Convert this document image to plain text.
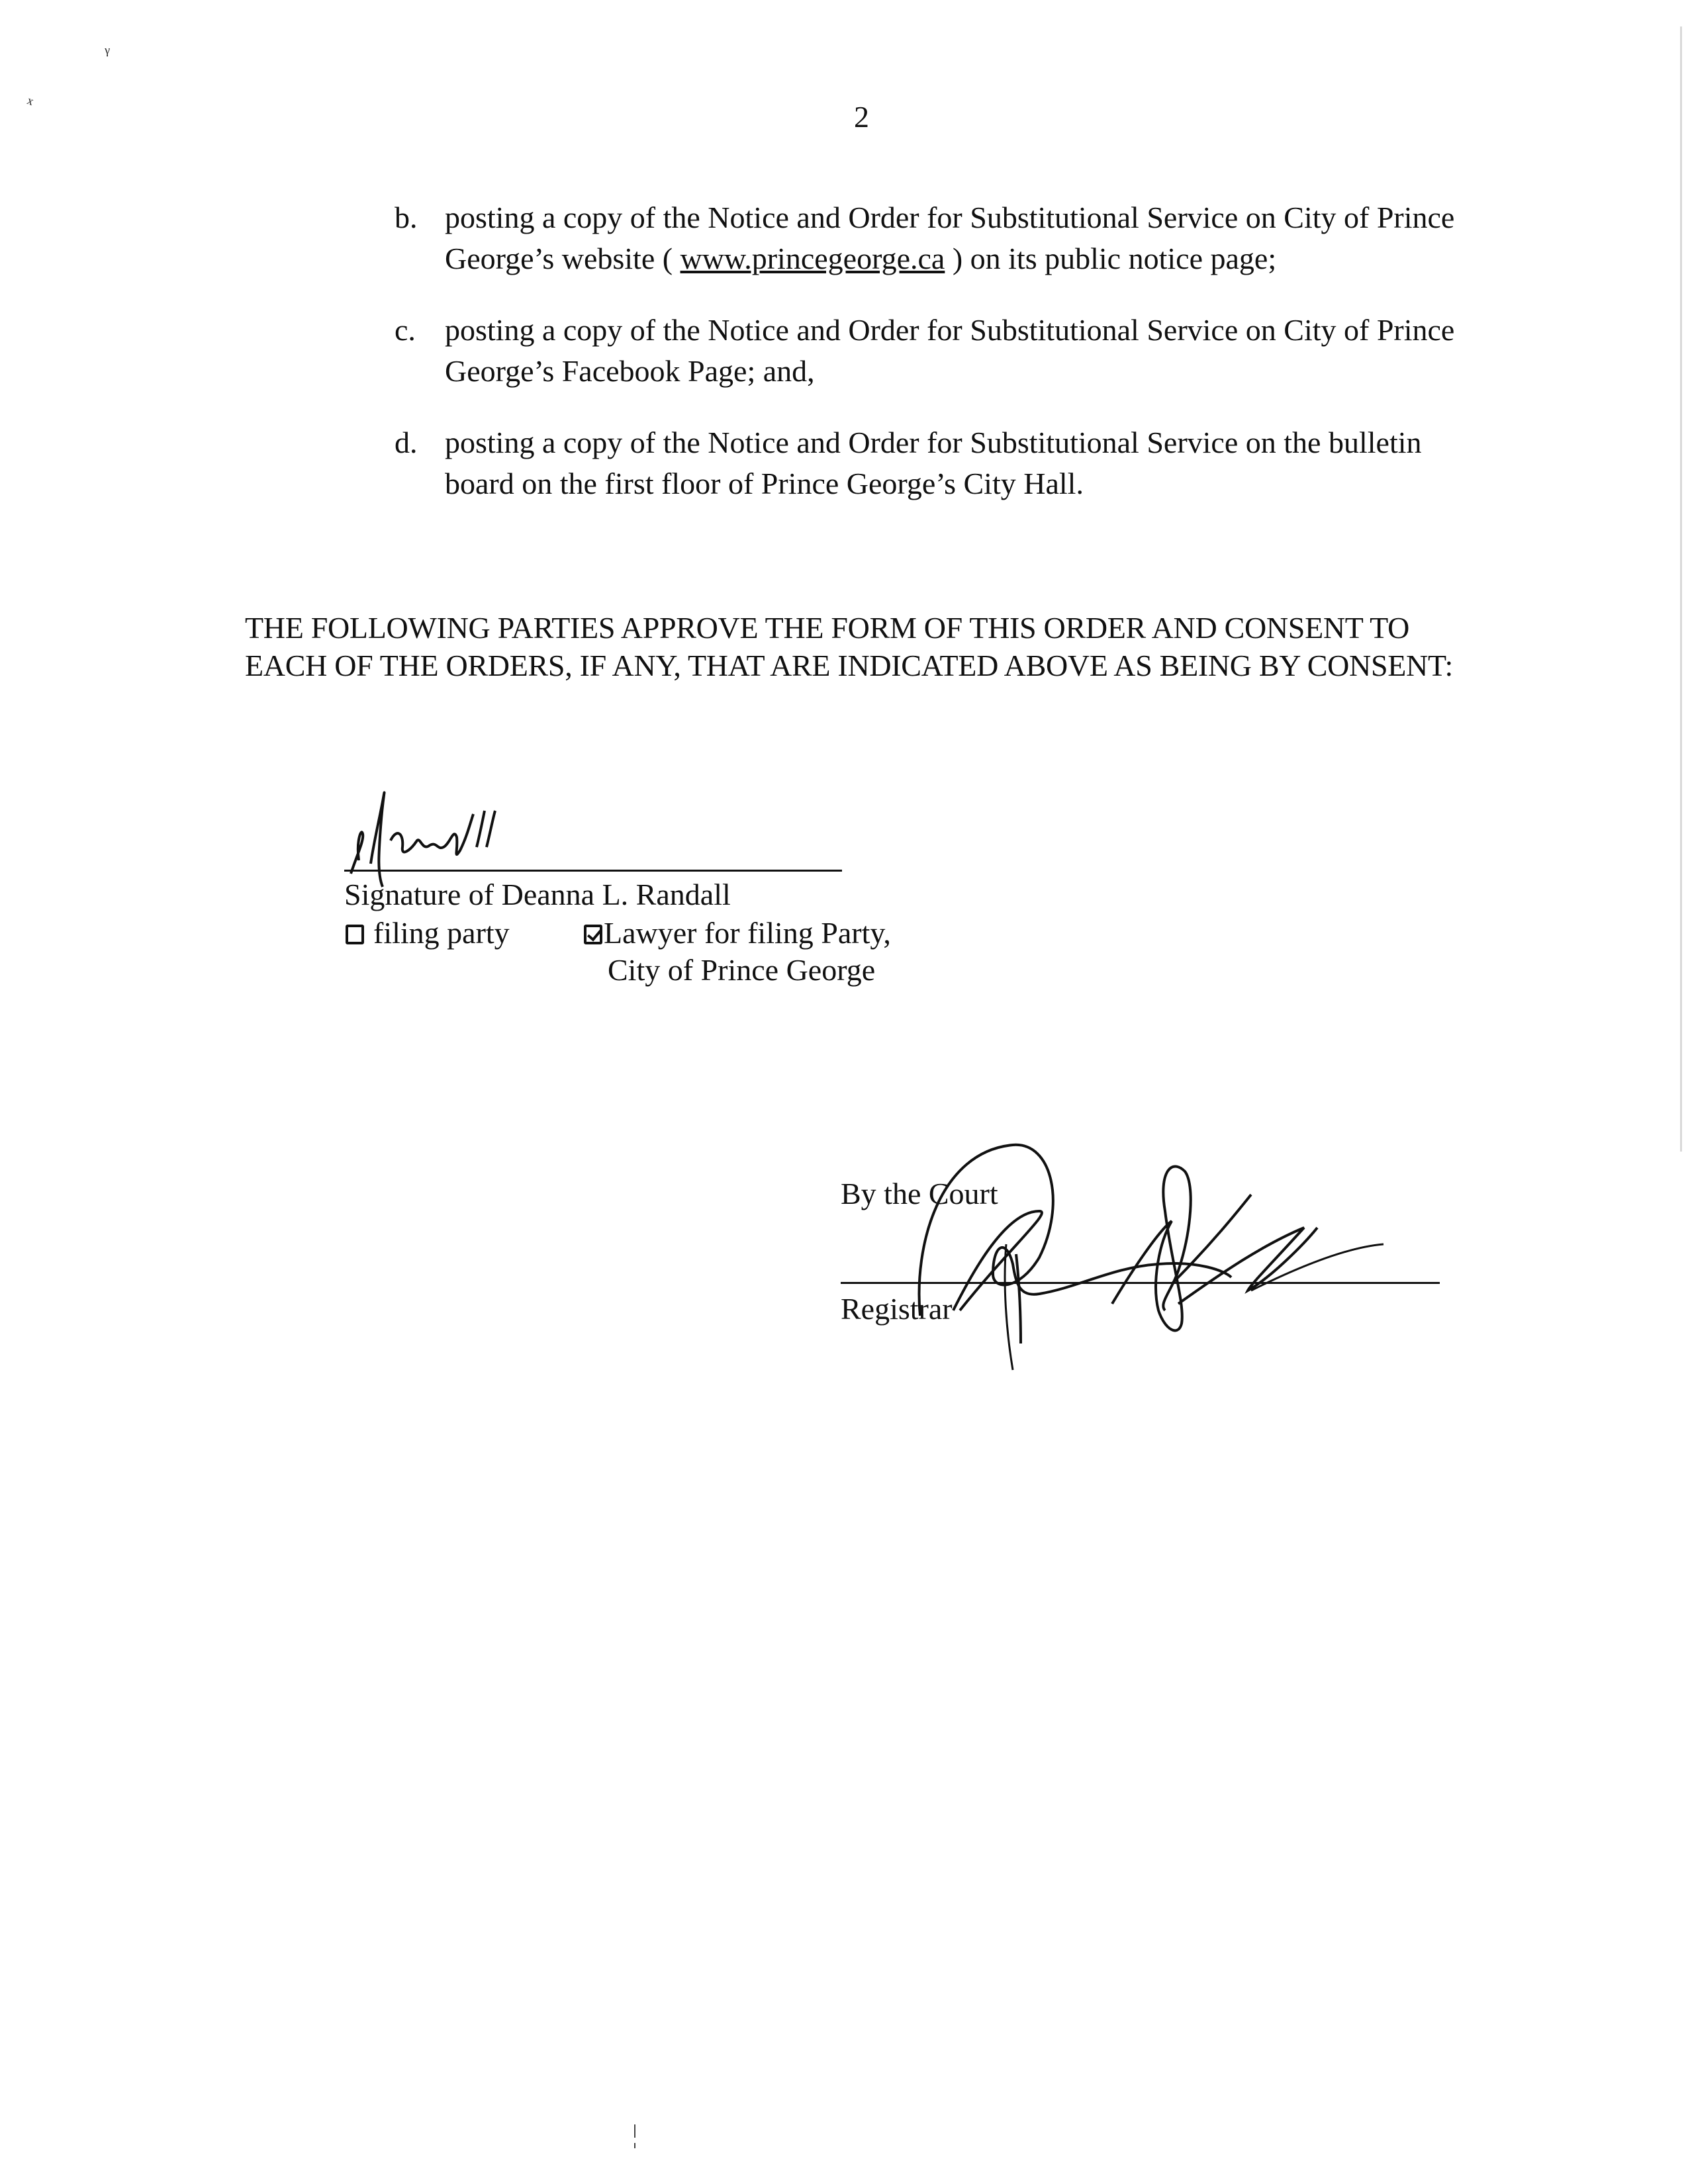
ᵞ
ˣ	2
b. posting a copy of the Notice and Order for Substitutional Service on City of Prince George’s website ( www.princegeorge.ca ) on its public notice page;
c. posting a copy of the Notice and Order for Substitutional Service on City of Prince George’s Facebook Page; and,
d. posting a copy of the Notice and Order for Substitutional Service on the bulletin board on the first floor of Prince George’s City Hall.
THE FOLLOWING PARTIES APPROVE THE FORM OF THIS ORDER AND CONSENT TO EACH OF THE ORDERS, IF ANY, THAT ARE INDICATED ABOVE AS BEING BY CONSENT:
Signature of Deanna L. Randall
filing party	Lawyer for filing Party,
City of Prince George
By the Court
Registrar
